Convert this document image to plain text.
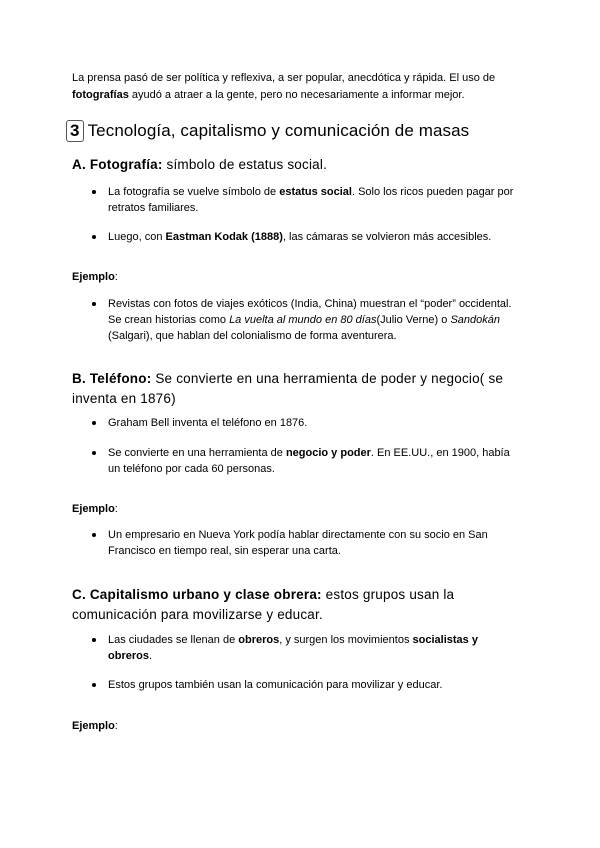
La prensa pasó de ser política y reflexiva, a ser popular, anecdótica y rápida. El uso de fotografías ayudó a atraer a la gente, pero no necesariamente a informar mejor.

3 Tecnología, capitalismo y comunicación de masas
A. Fotografía: símbolo de estatus social.
La fotografía se vuelve símbolo de estatus social. Solo los ricos pueden pagar por retratos familiares.
Luego, con Eastman Kodak (1888), las cámaras se volvieron más accesibles.
Ejemplo:
Revistas con fotos de viajes exóticos (India, China) muestran el “poder” occidental. Se crean historias como La vuelta al mundo en 80 días(Julio Verne) o Sandokán (Salgari), que hablan del colonialismo de forma aventurera.
B. Teléfono: Se convierte en una herramienta de poder y negocio( se inventa en 1876)
Graham Bell inventa el teléfono en 1876.
Se convierte en una herramienta de negocio y poder. En EE.UU., en 1900, había un teléfono por cada 60 personas.
Ejemplo:
Un empresario en Nueva York podía hablar directamente con su socio en San Francisco en tiempo real, sin esperar una carta.
C. Capitalismo urbano y clase obrera: estos grupos usan la comunicación para movilizarse y educar.
Las ciudades se llenan de obreros, y surgen los movimientos socialistas y obreros.
Estos grupos también usan la comunicación para movilizar y educar.
Ejemplo:
